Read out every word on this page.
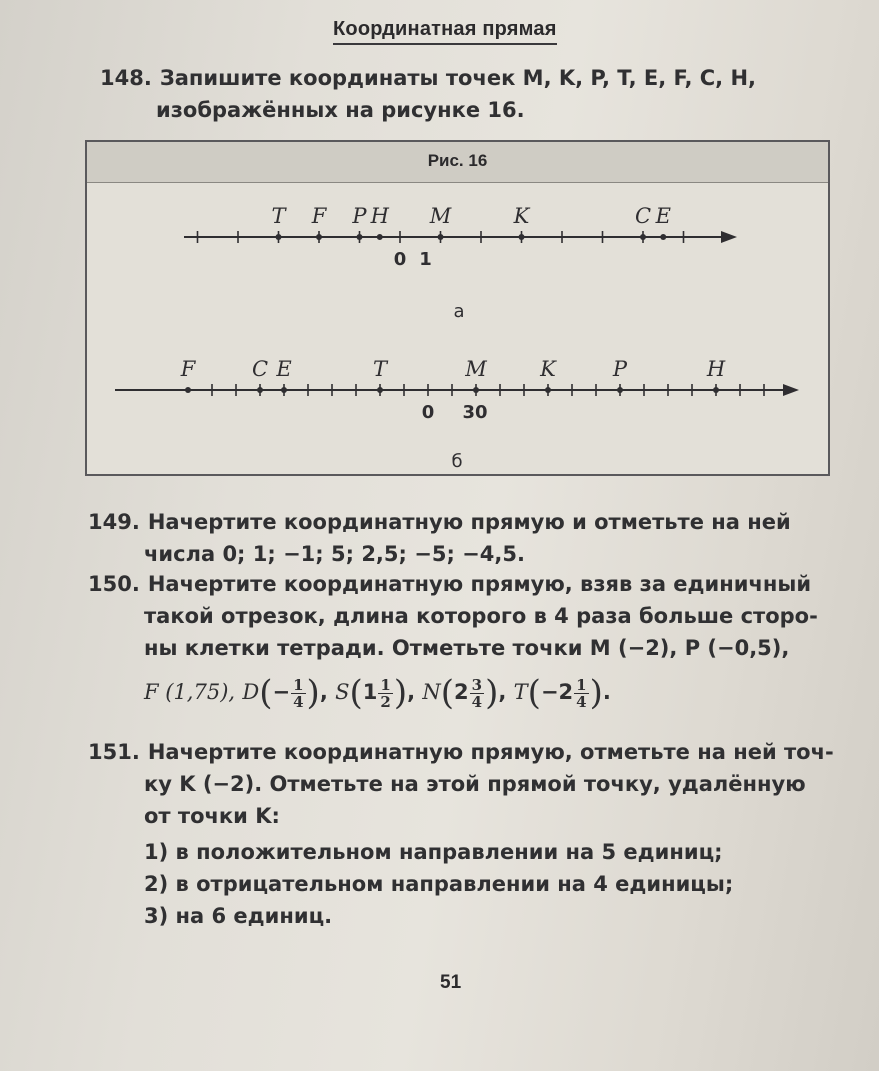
Координатная прямая
148. Запишите координаты точек M, K, P, T, E, F, C, H,
изображённых на рисунке 16.
Рис. 16
0 1
T F P H M	K	C E
а
0 30
F	C E	T	M	K	P	H
б
149. Начертите координатную прямую и отметьте на ней
числа 0; 1; −1; 5; 2,5; −5; −4,5.
150. Начертите координатную прямую, взяв за единичный
такой отрезок, длина которого в 4 раза больше сторо-
ны клетки тетради. Отметьте точки M (−2), P (−0,5),
F (1,75), $D(- \frac{1}{4}$ ), $S(1 \frac{1}{2}$ ), $N(2 \frac{3}{4}$ ), $T(-2 \frac{1}{4}$ ).
151. Начертите координатную прямую, отметьте на ней точ-
ку K (−2). Отметьте на этой прямой точку, удалённую
от точки K:
1) в положительном направлении на 5 единиц;
2) в отрицательном направлении на 4 единицы;
3) на 6 единиц.
51
